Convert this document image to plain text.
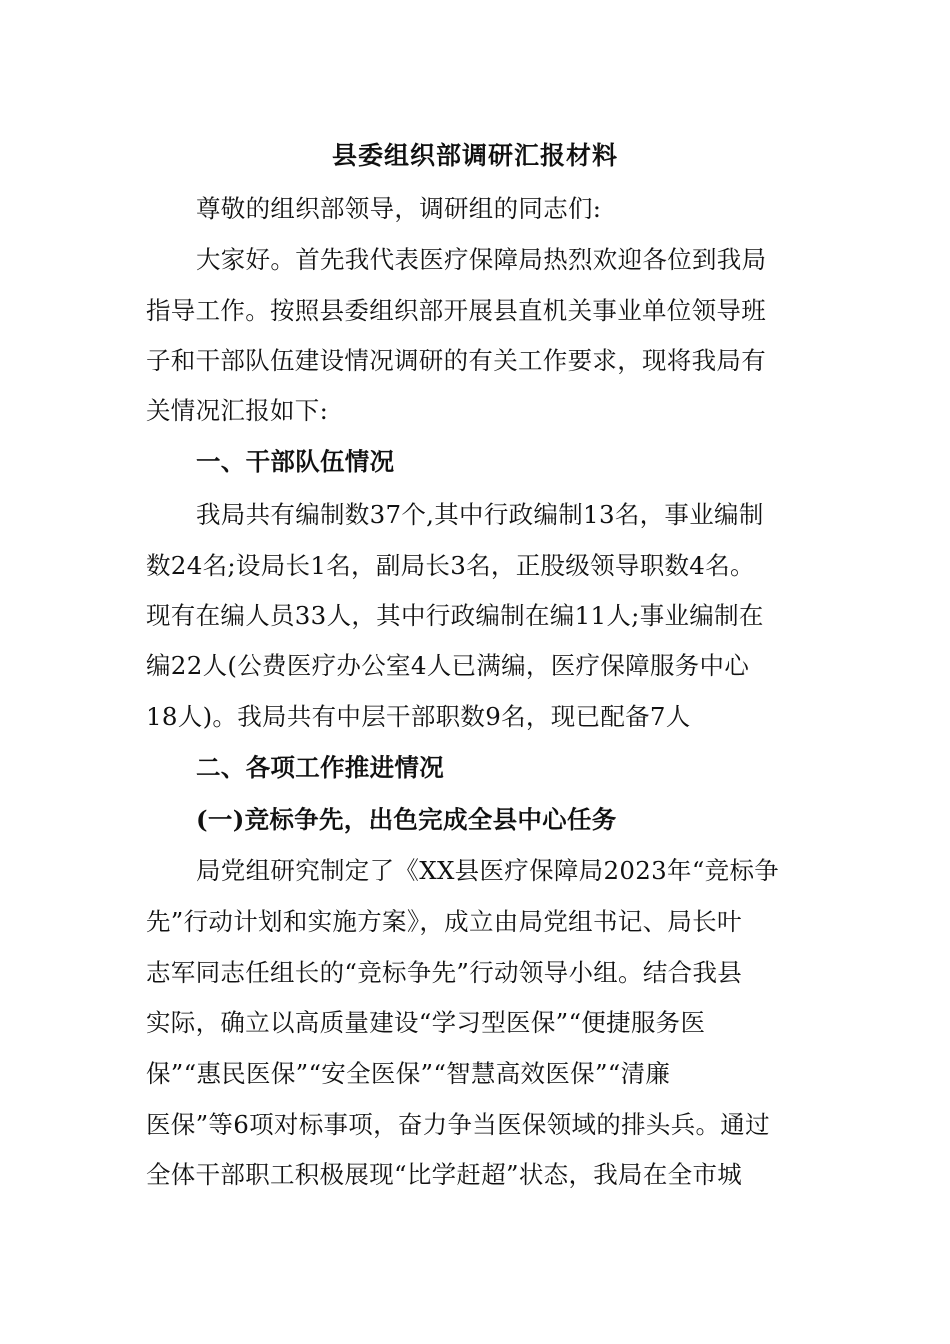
县委组织部调研汇报材料
尊敬的组织部领导，调研组的同志们:
大家好。首先我代表医疗保障局热烈欢迎各位到我局
指导工作。按照县委组织部开展县直机关事业单位领导班
子和干部队伍建设情况调研的有关工作要求，现将我局有
关情况汇报如下:
一、干部队伍情况
我局共有编制数37个,其中行政编制13名，事业编制
数24名;设局长1名，副局长3名，正股级领导职数4名。
现有在编人员33人，其中行政编制在编11人;事业编制在
编22人(公费医疗办公室4人已满编，医疗保障服务中心
18人)。我局共有中层干部职数9名，现已配备7人
二、各项工作推进情况
(一)竞标争先，出色完成全县中心任务
局党组研究制定了《XX县医疗保障局2023年“竞标争
先”行动计划和实施方案》，成立由局党组书记、局长叶
志军同志任组长的“竞标争先”行动领导小组。结合我县
实际，确立以高质量建设“学习型医保”“便捷服务医
保”“惠民医保”“安全医保”“智慧高效医保”“清廉
医保”等6项对标事项，奋力争当医保领域的排头兵。通过
全体干部职工积极展现“比学赶超”状态，我局在全市城
